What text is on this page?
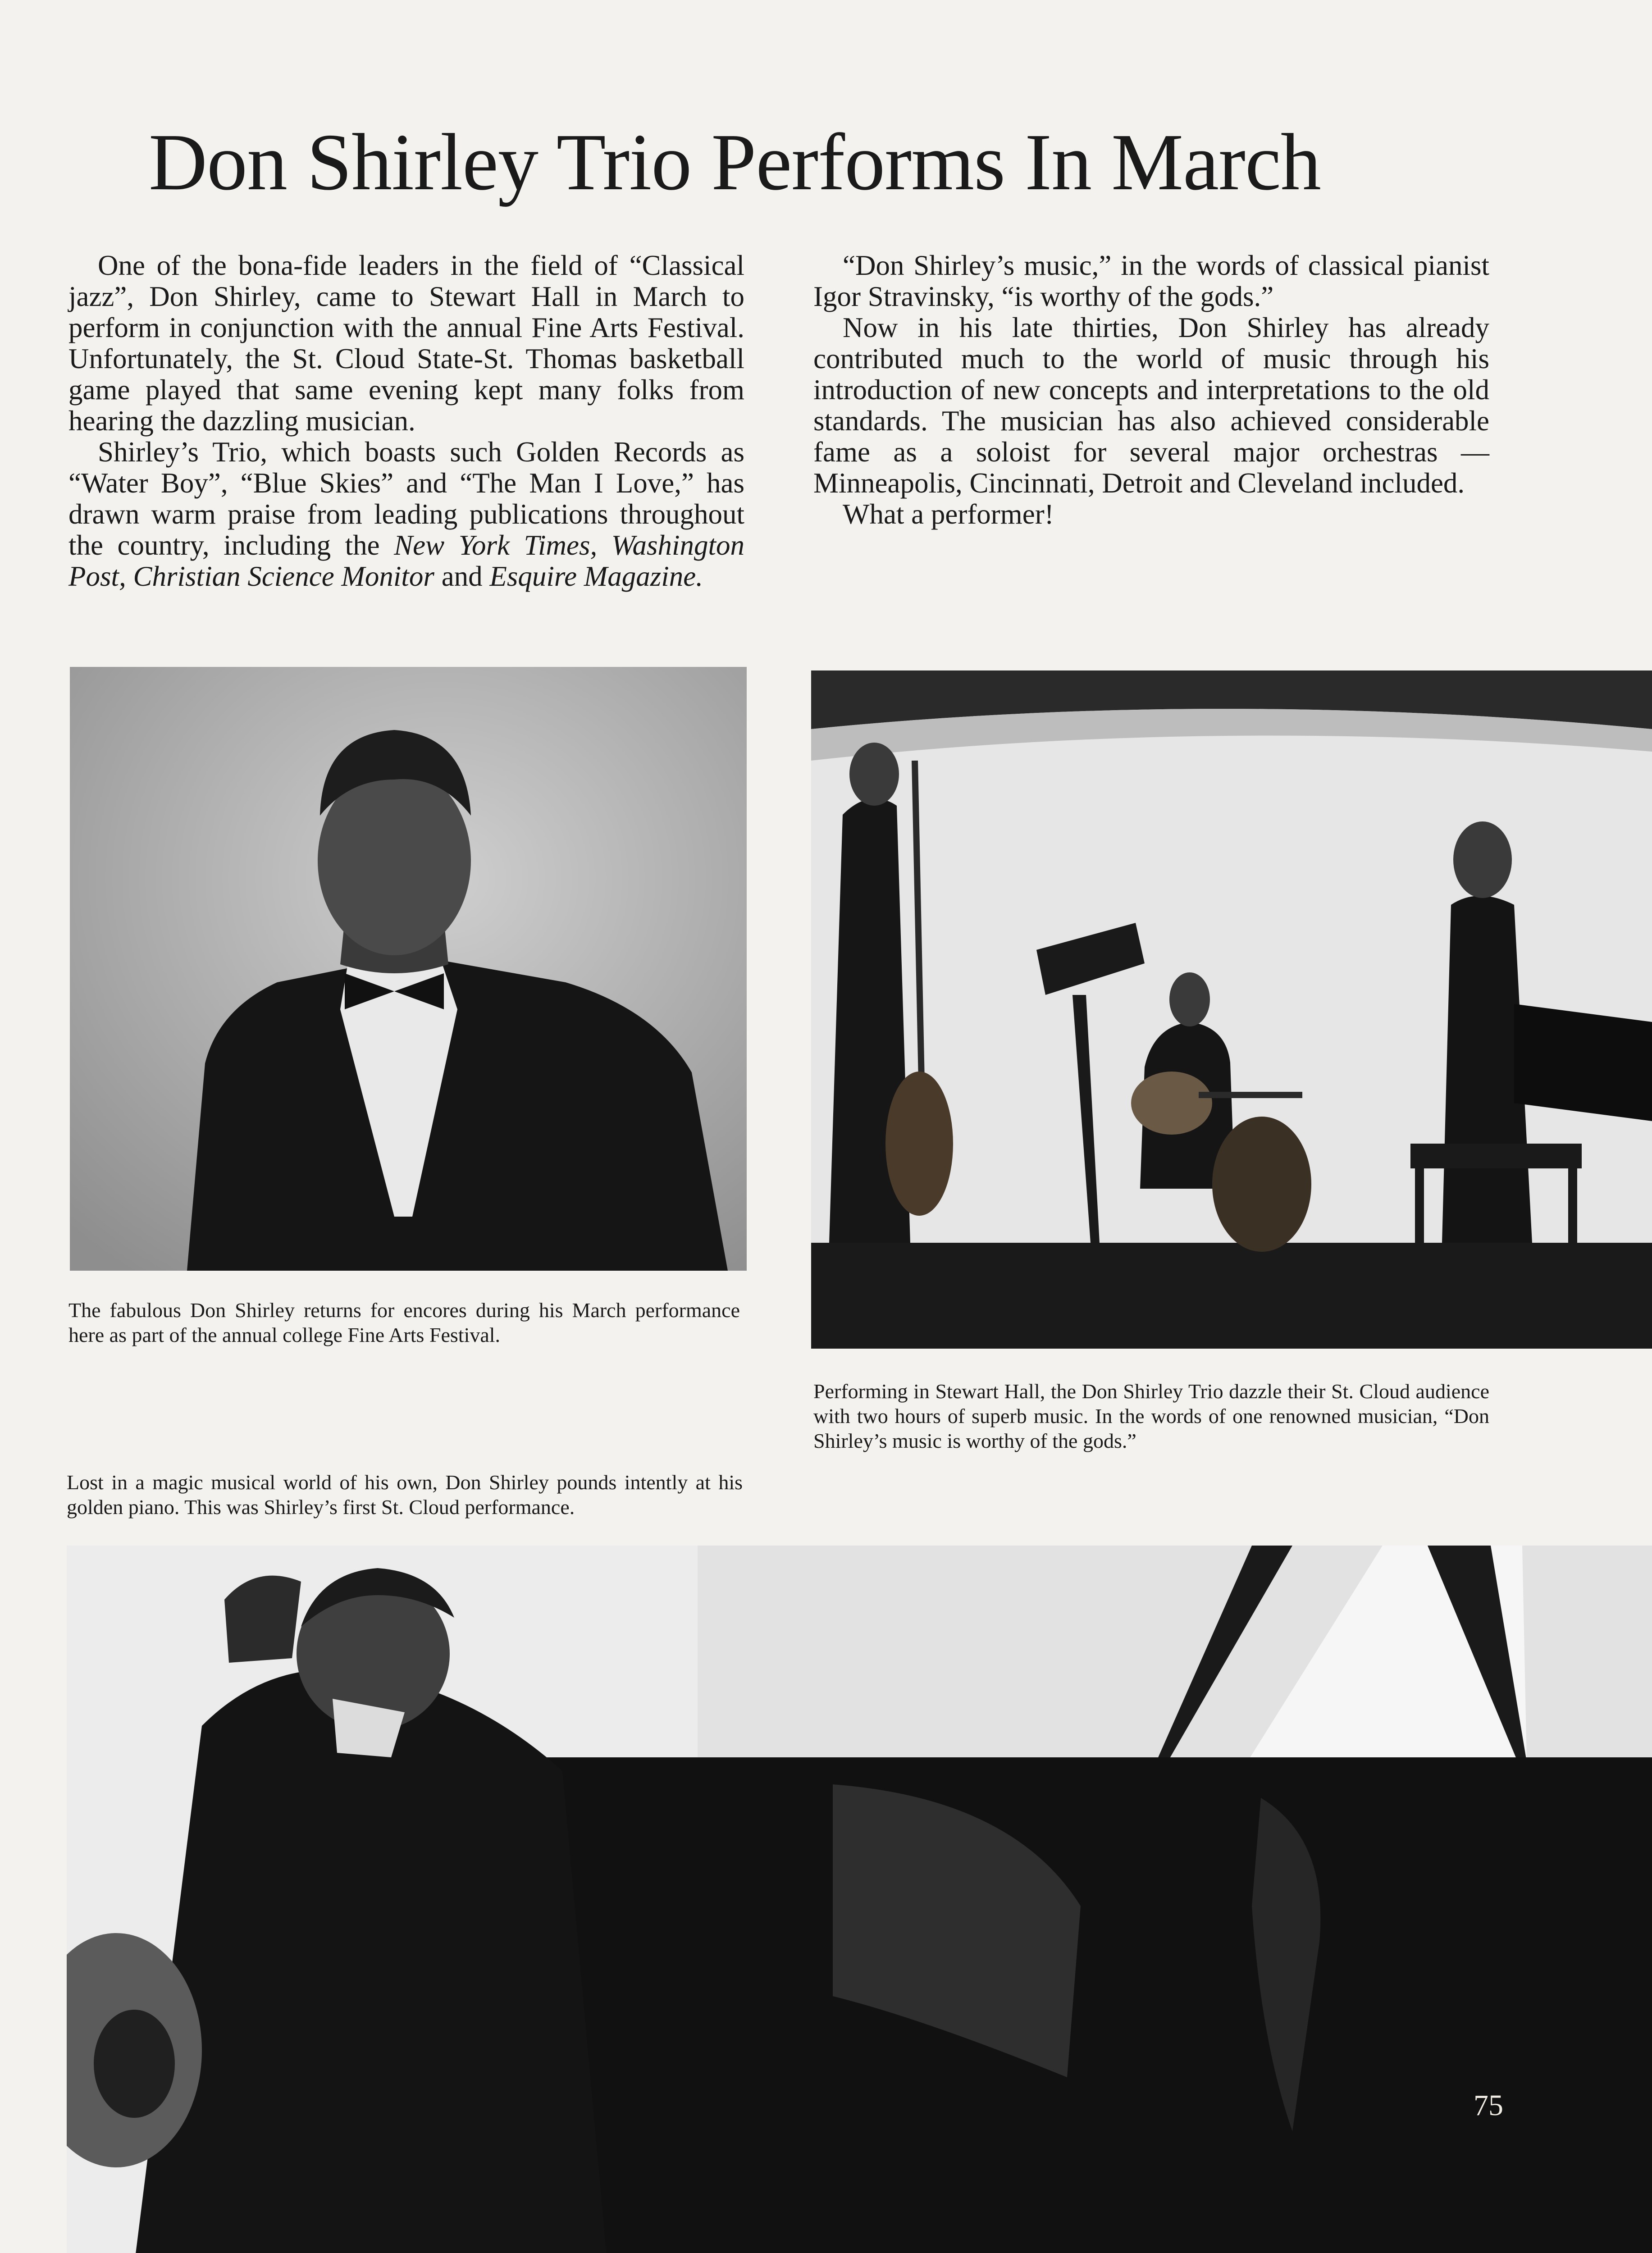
Don Shirley Trio Performs In March

One of the bona-fide leaders in the field of “Classical jazz”, Don Shirley, came to Stewart Hall in March to perform in conjunction with the annual Fine Arts Festival. Unfortunately, the St. Cloud State-St. Thomas basketball game played that same evening kept many folks from hearing the dazzling musician.

Shirley’s Trio, which boasts such Golden Records as “Water Boy”, “Blue Skies” and “The Man I Love,” has drawn warm praise from leading publications throughout the country, including the New York Times, Washington Post, Christian Science Monitor and Esquire Magazine.

“Don Shirley’s music,” in the words of classical pianist Igor Stravinsky, “is worthy of the gods.”

Now in his late thirties, Don Shirley has already contributed much to the world of music through his introduction of new concepts and interpretations to the old standards. The musician has also achieved considerable fame as a soloist for several major orchestras — Minneapolis, Cincinnati, Detroit and Cleveland included.

What a performer!

The fabulous Don Shirley returns for encores during his March performance here as part of the annual college Fine Arts Festival.
Performing in Stewart Hall, the Don Shirley Trio dazzle their St. Cloud audience with two hours of superb music. In the words of one renowned musician, “Don Shirley’s music is worthy of the gods.”
Lost in a magic musical world of his own, Don Shirley pounds intently at his golden piano. This was Shirley’s first St. Cloud performance.
75
